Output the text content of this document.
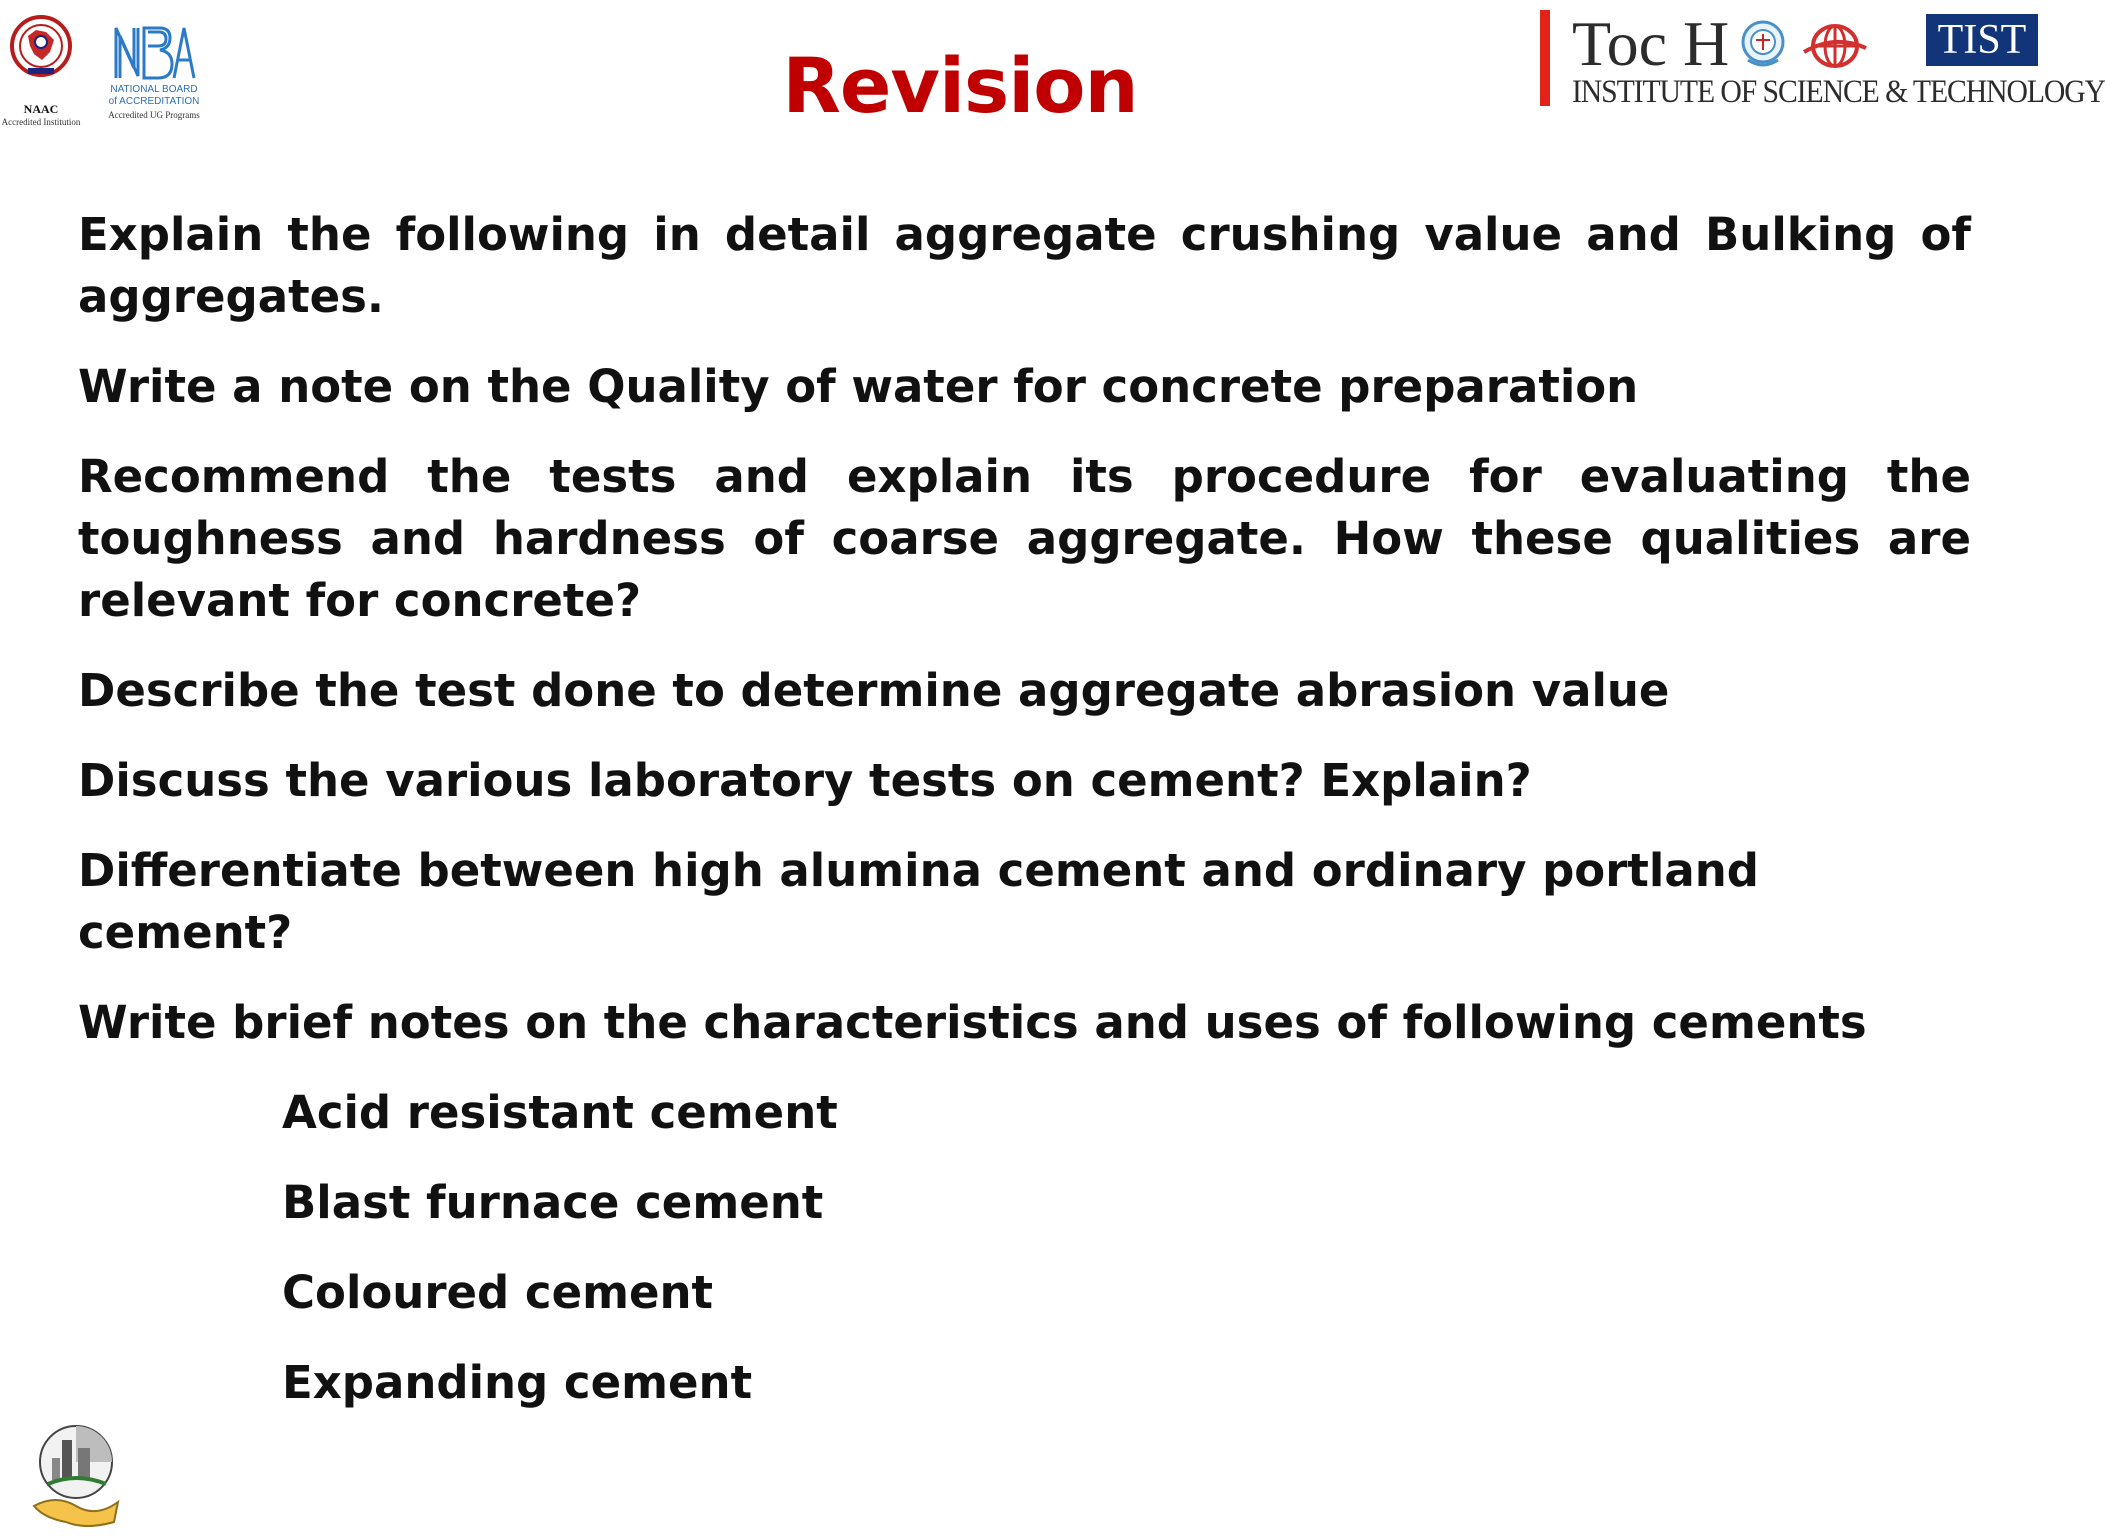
NAAC
Accredited Institution
NATIONAL BOARD
of ACCREDITATION
Accredited UG Programs	Revision	Toc H	TIST
INSTITUTE OF SCIENCE & TECHNOLOGY

Explain the following in detail aggregate crushing value and Bulking of aggregates.

Write a note on the Quality of water for concrete preparation

Recommend the tests and explain its procedure for evaluating the toughness and hardness of coarse aggregate. How these qualities are relevant for concrete?

Describe the test done to determine aggregate abrasion value

Discuss the various laboratory tests on cement? Explain?

Differentiate between high alumina cement and ordinary portland cement?

Write brief notes on the characteristics and uses of following cements

Acid resistant cement

Blast furnace cement

Coloured cement

Expanding cement
